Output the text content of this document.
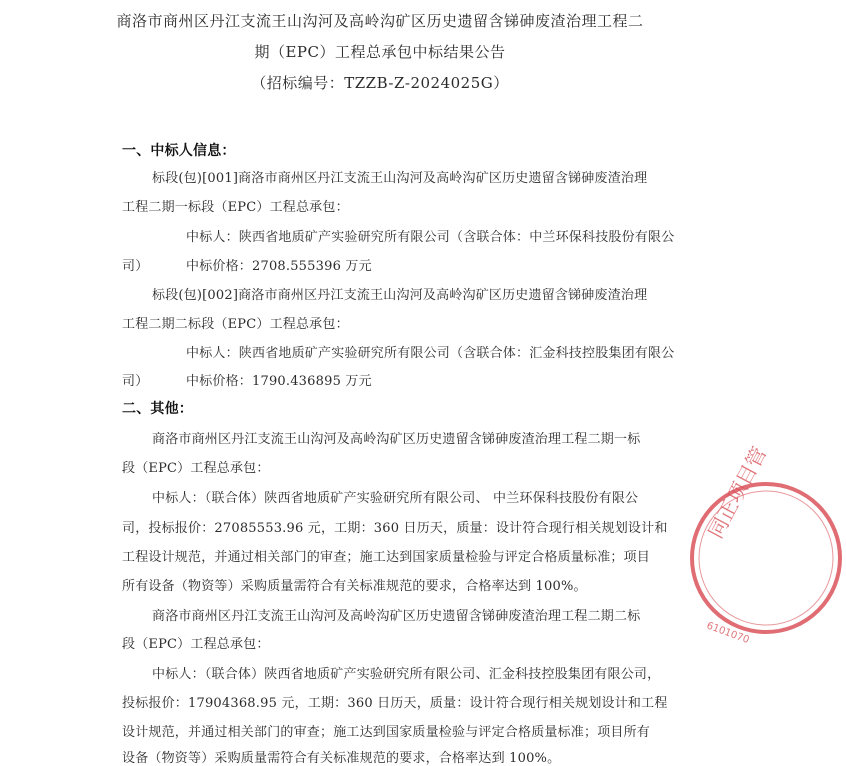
商洛市商州区丹江支流王山沟河及高岭沟矿区历史遗留含锑砷废渣治理工程二
期（EPC）工程总承包中标结果公告
（招标编号：TZZB-Z-2024025G）
一、中标人信息：
标段(包)[001]商洛市商州区丹江支流王山沟河及高岭沟矿区历史遗留含锑砷废渣治理
工程二期一标段（EPC）工程总承包：
中标人：陕西省地质矿产实验研究所有限公司（含联合体：中兰环保科技股份有限公
司）	中标价格：2708.555396 万元
标段(包)[002]商洛市商州区丹江支流王山沟河及高岭沟矿区历史遗留含锑砷废渣治理
工程二期二标段（EPC）工程总承包：
中标人：陕西省地质矿产实验研究所有限公司（含联合体：汇金科技控股集团有限公
司）	中标价格：1790.436895 万元
二、其他：
商洛市商州区丹江支流王山沟河及高岭沟矿区历史遗留含锑砷废渣治理工程二期一标
段（EPC）工程总承包：
中标人：（联合体）陕西省地质矿产实验研究所有限公司、 中兰环保科技股份有限公
司，投标报价：27085553.96 元，工期：360 日历天，质量：设计符合现行相关规划设计和
工程设计规范，并通过相关部门的审查；施工达到国家质量检验与评定合格质量标准；项目
所有设备（物资等）采购质量需符合有关标准规范的要求，合格率达到 100%。
商洛市商州区丹江支流王山沟河及高岭沟矿区历史遗留含锑砷废渣治理工程二期二标
段（EPC）工程总承包：
中标人：（联合体）陕西省地质矿产实验研究所有限公司、汇金科技控股集团有限公司，
投标报价：17904368.95 元，工期：360 日历天，质量：设计符合现行相关规划设计和工程
设计规范，并通过相关部门的审查；施工达到国家质量检验与评定合格质量标准；项目所有
设备（物资等）采购质量需符合有关标准规范的要求，合格率达到 100%。
同正项目管
6101070
